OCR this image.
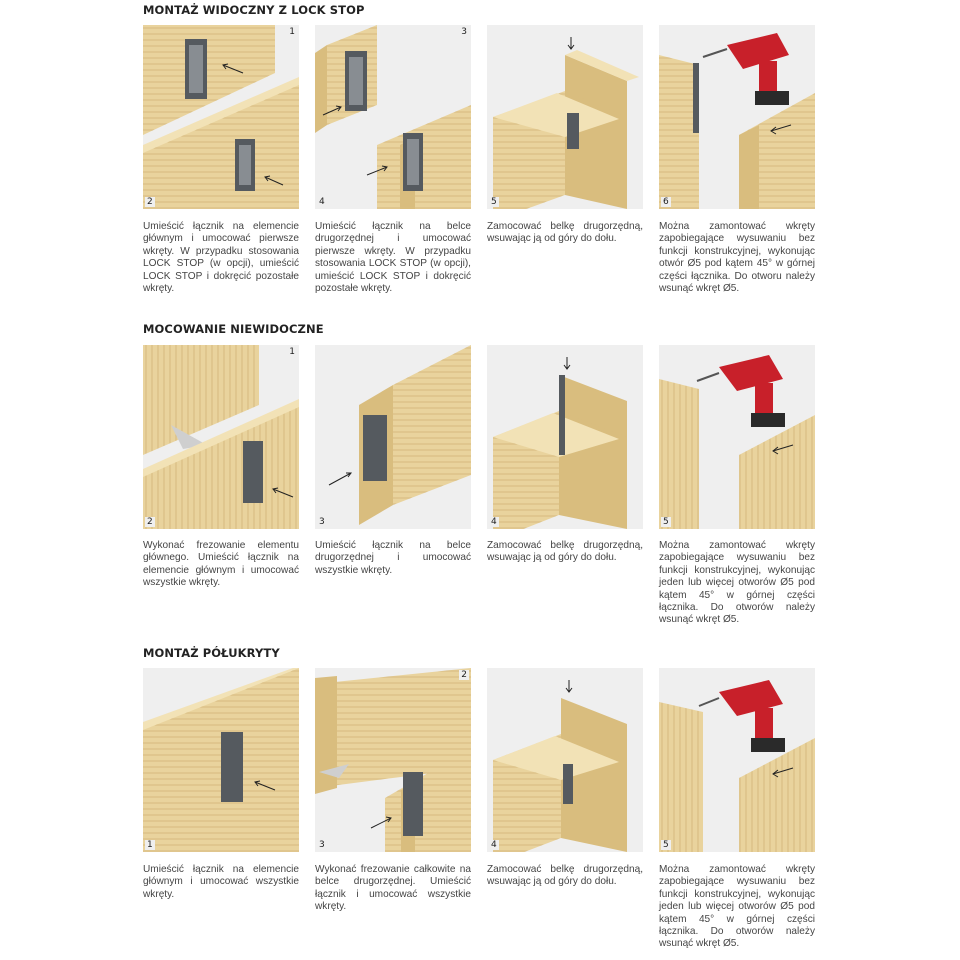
MONTAŻ WIDOCZNY Z LOCK STOP
1
2
3
4	5	6
Umieścić łącznik na elemencie głównym i umocować pierwsze wkręty. W przypadku stosowania LOCK STOP (w opcji), umieścić LOCK STOP i dokręcić pozostałe wkręty.
Umieścić łącznik na belce drugorzędnej i umocować pierwsze wkręty. W przypadku stosowania LOCK STOP (w opcji), umieścić LOCK STOP i dokręcić pozostałe wkręty.
Zamocować belkę drugorzędną, wsuwając ją od góry do dołu.
Można zamontować wkręty zapobiegające wysuwaniu bez funkcji konstrukcyjnej, wykonując otwór Ø5 pod kątem 45° w górnej części łącznika. Do otworu należy wsunąć wkręt Ø5.
MOCOWANIE NIEWIDOCZNE
1
2	3	4	5
Wykonać frezowanie elementu głównego. Umieścić łącznik na elemencie głównym i umocować wszystkie wkręty.
Umieścić łącznik na belce drugorzędnej i umocować wszystkie wkręty.
Zamocować belkę drugorzędną, wsuwając ją od góry do dołu.
Można zamontować wkręty zapobiegające wysuwaniu bez funkcji konstrukcyjnej, wykonując jeden lub więcej otworów Ø5 pod kątem 45° w górnej części łącznika. Do otworów należy wsunąć wkręt Ø5.
MONTAŻ PÓŁUKRYTY
1
2
3	4	5
Umieścić łącznik na elemencie głównym i umocować wszystkie wkręty.
Wykonać frezowanie całkowite na belce drugorzędnej. Umieścić łącznik i umocować wszystkie wkręty.
Zamocować belkę drugorzędną, wsuwając ją od góry do dołu.
Można zamontować wkręty zapobiegające wysuwaniu bez funkcji konstrukcyjnej, wykonując jeden lub więcej otworów Ø5 pod kątem 45° w górnej części łącznika. Do otworów należy wsunąć wkręt Ø5.
